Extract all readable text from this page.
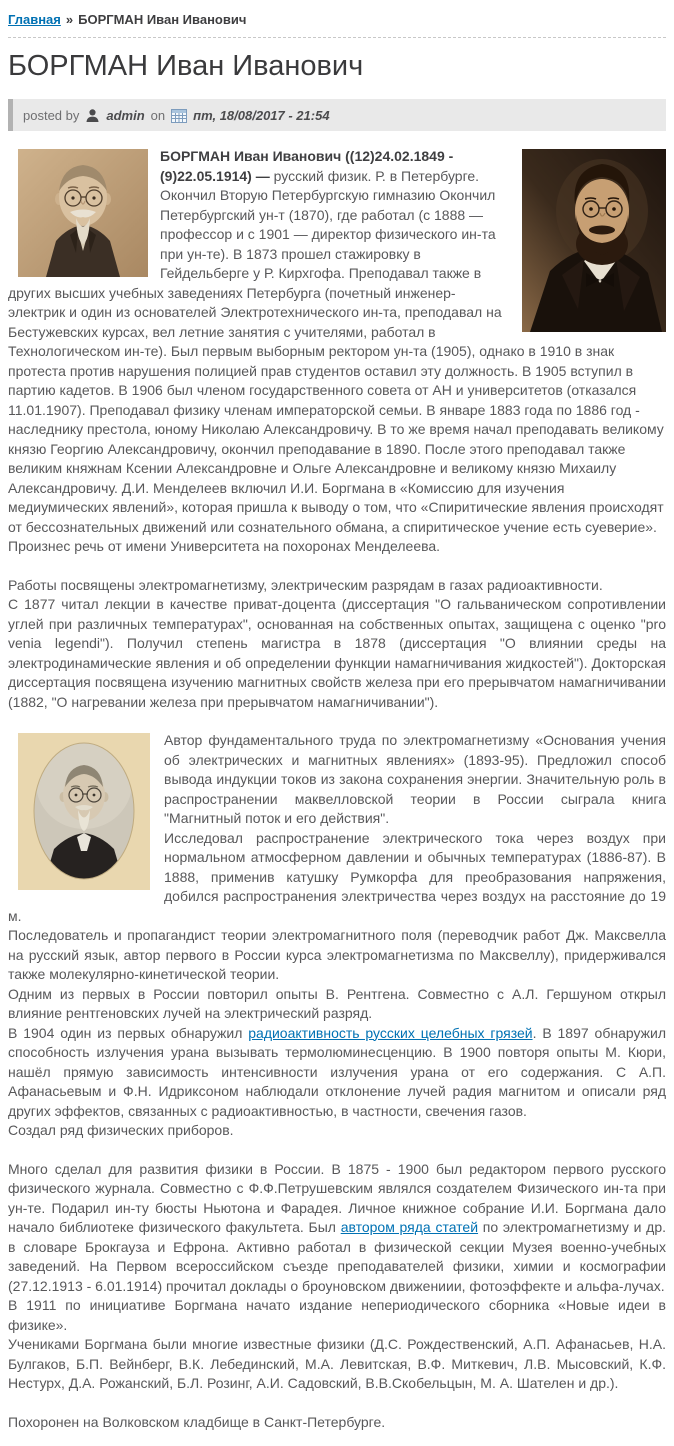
Главная » БОРГМАН Иван Иванович
БОРГМАН Иван Иванович
posted by admin on пт, 18/08/2017 - 21:54
БОРГМАН Иван Иванович ((12)24.02.1849 - (9)22.05.1914) — русский физик. Р. в Петербурге. Окончил Вторую Петербургскую гимназию Окончил Петербургский ун-т (1870), где работал (с 1888 — профессор и с 1901 — директор физического ин-та при ун-те). В 1873 прошел стажировку в Гейдельберге у Р. Кирхгофа. Преподавал также в других высших учебных заведениях Петербурга (почетный инженер-электрик и один из основателей Электротехнического ин-та, преподавал на Бестужевских курсах, вел летние занятия с учителями, работал в Технологическом ин-те). Был первым выборным ректором ун-та (1905), однако в 1910 в знак протеста против нарушения полицией прав студентов оставил эту должность. В 1905 вступил в партию кадетов. В 1906 был членом государственного совета от АН и университетов (отказался 11.01.1907). Преподавал физику членам императорской семьи. В январе 1883 года по 1886 год - наследнику престола, юному Николаю Александровичу. В то же время начал преподавать великому князю Георгию Александровичу, окончил преподавание в 1890. После этого преподавал также великим княжнам Ксении Александровне и Ольге Александровне и великому князю Михаилу Александровичу. Д.И. Менделеев включил И.И. Боргмана в «Комиссию для изучения медиумических явлений», которая пришла к выводу о том, что «Спиритические явления происходят от бессознательных движений или сознательного обмана, а спиритическое учение есть суеверие». Произнес речь от имени Университета на похоронах Менделеева.
Работы посвящены электромагнетизму, электрическим разрядам в газах радиоактивности.
С 1877 читал лекции в качестве приват-доцента (диссертация "О гальваническом сопротивлении углей при различных температурах", основанная на собственных опытах, защищена с оценко "pro venia legendi"). Получил степень магистра в 1878 (диссертация "О влиянии среды на электродинамические явления и об определении функции намагничивания жидкостей"). Докторская диссертация посвящена изучению магнитных свойств железа при его прерывчатом намагничивании (1882, "О нагревании железа при прерывчатом намагничивании").
Автор фундаментального труда по электромагнетизму «Основания учения об электрических и магнитных явлениях» (1893-95). Предложил способ вывода индукции токов из закона сохранения энергии. Значительную роль в распространении маквелловской теории в России сыграла книга "Магнитный поток и его действия".
Исследовал распространение электрического тока через воздух при нормальном атмосферном давлении и обычных температурах (1886-87). В 1888, применив катушку Румкорфа для преобразования напряжения, добился распространения электричества через воздух на расстояние до 19 м.
Последователь и пропагандист теории электромагнитного поля (переводчик работ Дж. Максвелла на русский язык, автор первого в России курса электромагнетизма по Максвеллу), придерживался также молекулярно-кинетической теории.
Одним из первых в России повторил опыты В. Рентгена. Совместно с А.Л. Гершуном открыл влияние рентгеновских лучей на электрический разряд.
В 1904 один из первых обнаружил радиоактивность русских целебных грязей. В 1897 обнаружил способность излучения урана вызывать термолюминесценцию. В 1900 повторя опыты М. Кюри, нашёл прямую зависимость интенсивности излучения урана от его содержания. С А.П. Афанасьевым и Ф.Н. Идриксоном наблюдали отклонение лучей радия магнитом и описали ряд других эффектов, связанных с радиоактивностью, в частности, свечения газов.
Создал ряд физических приборов.
Много сделал для развития физики в России. В 1875 - 1900 был редактором первого русского физического журнала. Совместно с Ф.Ф.Петрушевским являлся создателем Физического ин-та при ун-те. Подарил ин-ту бюсты Ньютона и Фарадея. Личное книжное собрание И.И. Боргмана дало начало библиотеке физического факультета. Был автором ряда статей по электромагнетизму и др. в словаре Брокгауза и Ефрона. Активно работал в физической секции Музея военно-учебных заведений. На Первом всероссийском съезде преподавателей физики, химии и космографии (27.12.1913 - 6.01.1914) прочитал доклады о броуновском движениии, фотоэффекте и альфа-лучах.
В 1911 по инициативе Боргмана начато издание непериодического сборника «Новые идеи в физике».
Учениками Боргмана были многие известные физики (Д.С. Рождественский, А.П. Афанасьев, Н.А. Булгаков, Б.П. Вейнберг, В.К. Лебединский, М.А. Левитская, В.Ф. Миткевич, Л.В. Мысовский, К.Ф. Нестурх, Д.А. Рожанский, Б.Л. Розинг, А.И. Садовский, В.В.Скобельцын, М. А. Шателен и др.).
Похоронен на Волковском кладбище в Санкт-Петербурге.
